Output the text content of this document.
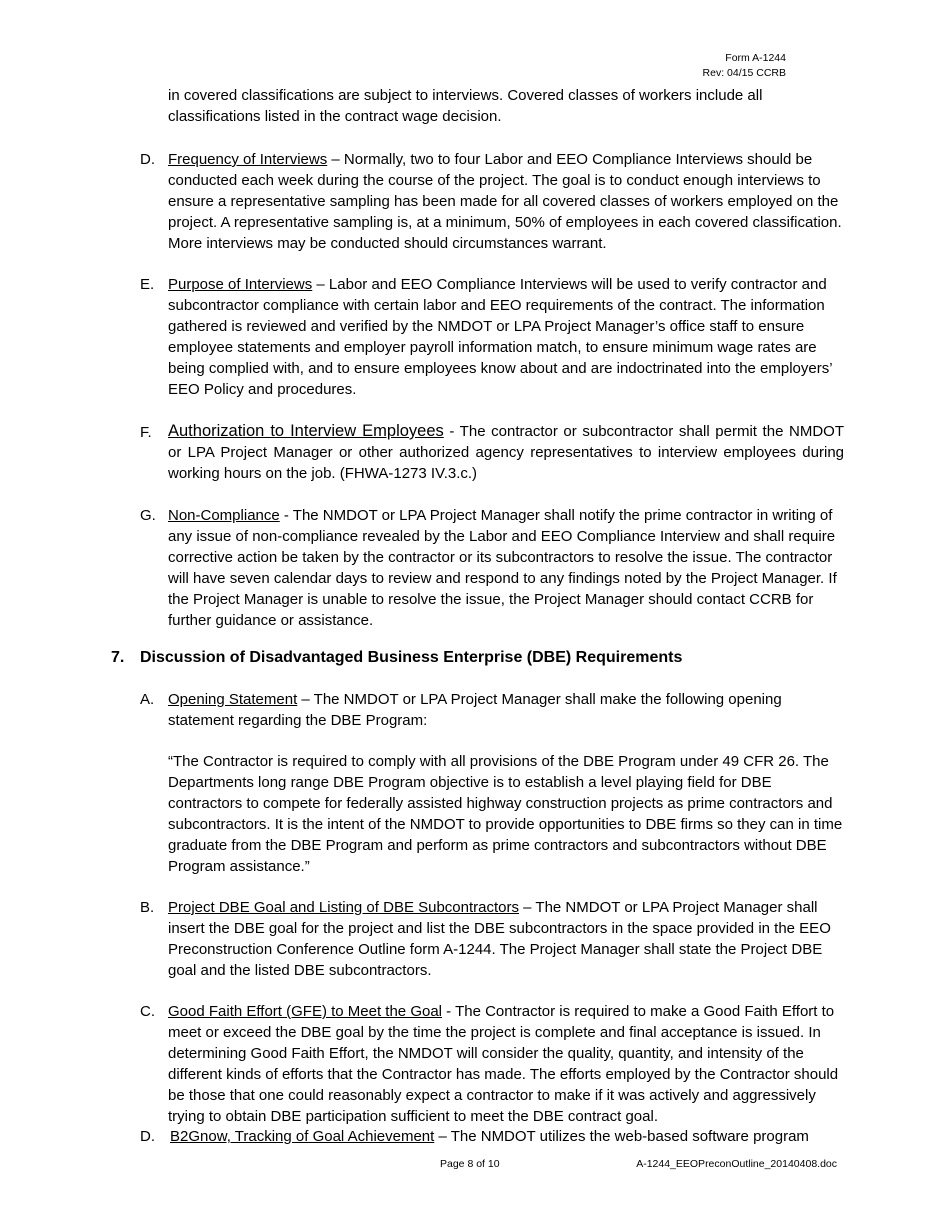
Form A-1244
Rev: 04/15 CCRB

in covered classifications are subject to interviews. Covered classes of workers include all classifications listed in the contract wage decision.

D. Frequency of Interviews – Normally, two to four Labor and EEO Compliance Interviews should be conducted each week during the course of the project. The goal is to conduct enough interviews to ensure a representative sampling has been made for all covered classes of workers employed on the project. A representative sampling is, at a minimum, 50% of employees in each covered classification. More interviews may be conducted should circumstances warrant.

E. Purpose of Interviews – Labor and EEO Compliance Interviews will be used to verify contractor and subcontractor compliance with certain labor and EEO requirements of the contract. The information gathered is reviewed and verified by the NMDOT or LPA Project Manager’s office staff to ensure employee statements and employer payroll information match, to ensure minimum wage rates are being complied with, and to ensure employees know about and are indoctrinated into the employers’ EEO Policy and procedures.

F. Authorization to Interview Employees - The contractor or subcontractor shall permit the NMDOT or LPA Project Manager or other authorized agency representatives to interview employees during working hours on the job. (FHWA-1273 IV.3.c.)

G. Non-Compliance - The NMDOT or LPA Project Manager shall notify the prime contractor in writing of any issue of non-compliance revealed by the Labor and EEO Compliance Interview and shall require corrective action be taken by the contractor or its subcontractors to resolve the issue. The contractor will have seven calendar days to review and respond to any findings noted by the Project Manager. If the Project Manager is unable to resolve the issue, the Project Manager should contact CCRB for further guidance or assistance.

7. Discussion of Disadvantaged Business Enterprise (DBE) Requirements
A. Opening Statement – The NMDOT or LPA Project Manager shall make the following opening statement regarding the DBE Program:

“The Contractor is required to comply with all provisions of the DBE Program under 49 CFR 26. The Departments long range DBE Program objective is to establish a level playing field for DBE contractors to compete for federally assisted highway construction projects as prime contractors and subcontractors. It is the intent of the NMDOT to provide opportunities to DBE firms so they can in time graduate from the DBE Program and perform as prime contractors and subcontractors without DBE Program assistance.”

B. Project DBE Goal and Listing of DBE Subcontractors – The NMDOT or LPA Project Manager shall insert the DBE goal for the project and list the DBE subcontractors in the space provided in the EEO Preconstruction Conference Outline form A-1244. The Project Manager shall state the Project DBE goal and the listed DBE subcontractors.

C. Good Faith Effort (GFE) to Meet the Goal - The Contractor is required to make a Good Faith Effort to meet or exceed the DBE goal by the time the project is complete and final acceptance is issued. In determining Good Faith Effort, the NMDOT will consider the quality, quantity, and intensity of the different kinds of efforts that the Contractor has made. The efforts employed by the Contractor should be those that one could reasonably expect a contractor to make if it was actively and aggressively trying to obtain DBE participation sufficient to meet the DBE contract goal.

D. B2Gnow, Tracking of Goal Achievement – The NMDOT utilizes the web-based software program

Page 8 of 10	A-1244_EEOPreconOutline_20140408.doc
